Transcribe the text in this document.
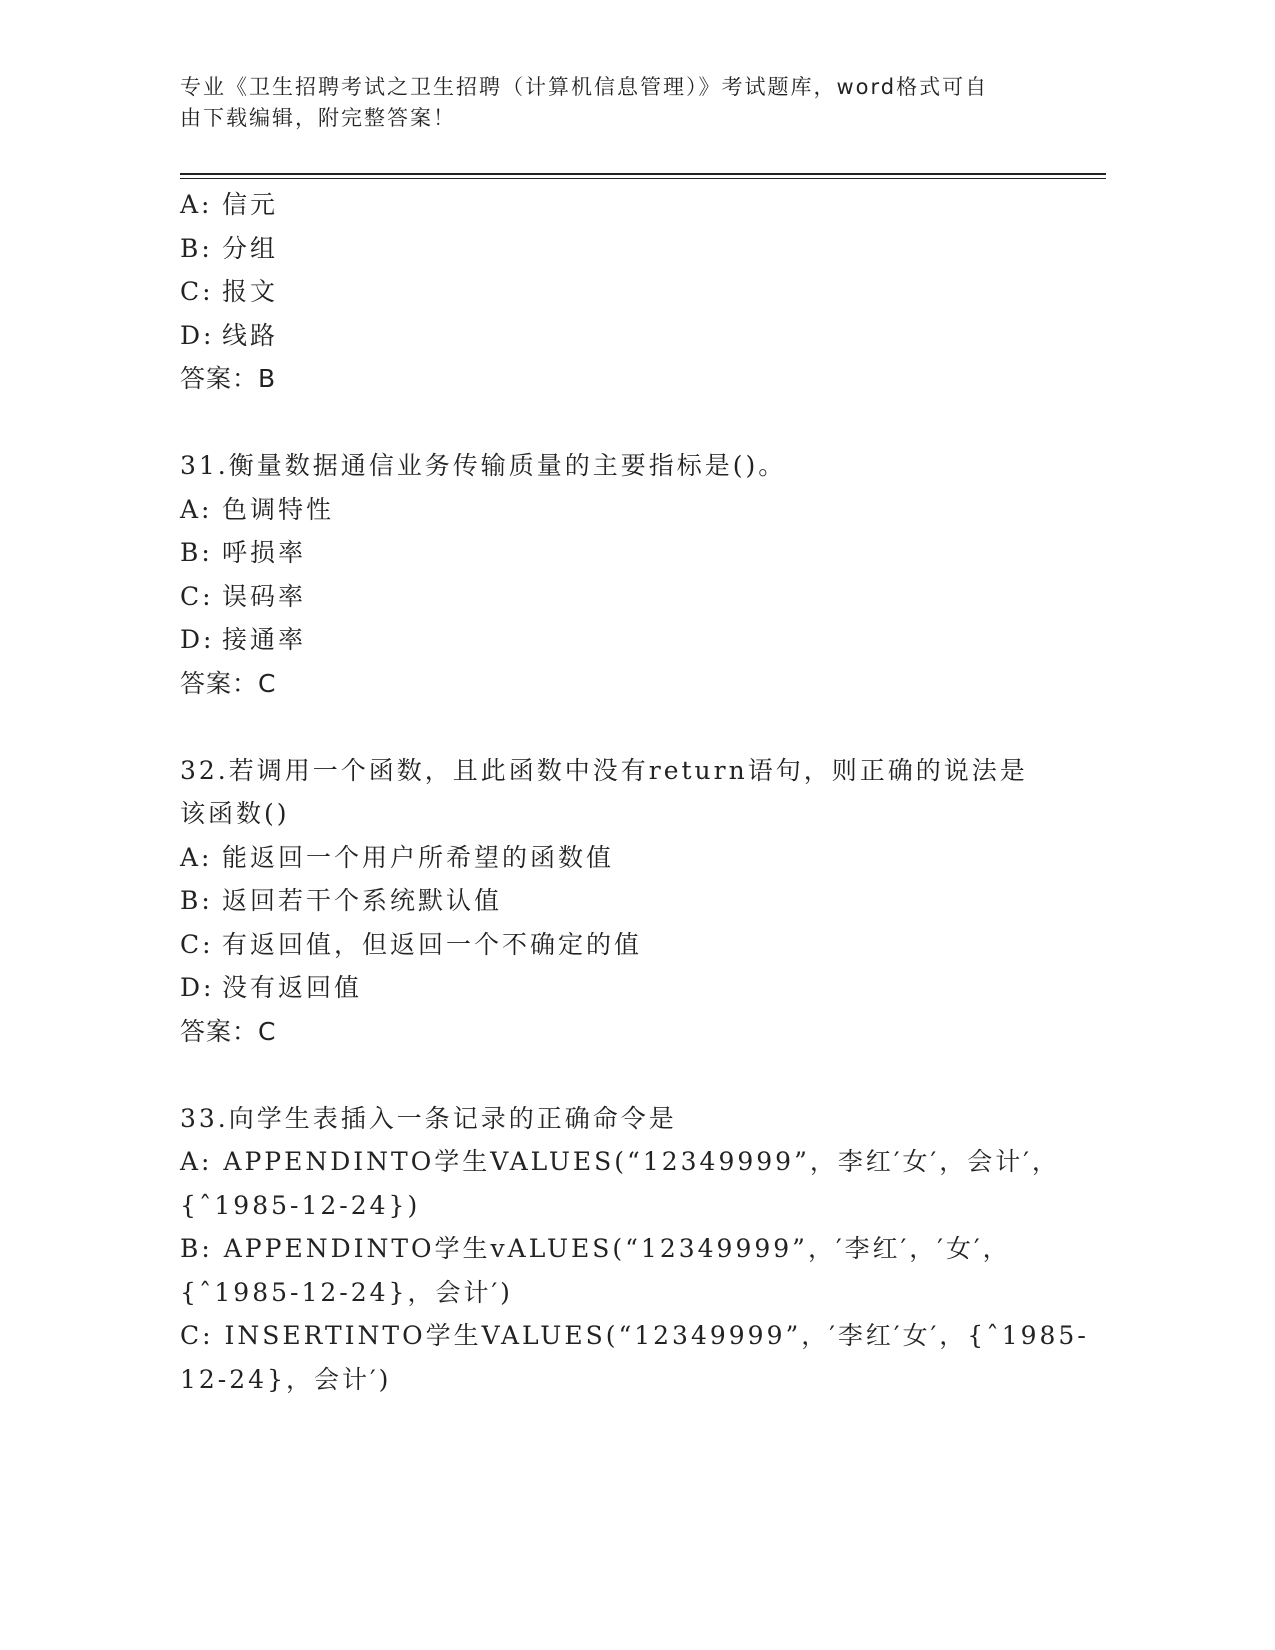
专业《卫生招聘考试之卫生招聘（计算机信息管理）》考试题库，word格式可自
由下载编辑，附完整答案！
A: 信元
B: 分组
C: 报文
D: 线路
答案：B
31.衡量数据通信业务传输质量的主要指标是()。
A: 色调特性
B: 呼损率
C: 误码率
D: 接通率
答案：C
32.若调用一个函数，且此函数中没有return语句，则正确的说法是
该函数()
A: 能返回一个用户所希望的函数值
B: 返回若干个系统默认值
C: 有返回值，但返回一个不确定的值
D: 没有返回值
答案：C
33.向学生表插入一条记录的正确命令是
A: APPENDINTO学生VALUES(“12349999”，李红′女′，会计′，
{ˆ1985-12-24})
B: APPENDINTO学生vALUES(“12349999”，′李红′，′女′，
{ˆ1985-12-24}，会计′)
C: INSERTINTO学生VALUES(“12349999”，′李红′女′，{ˆ1985-
12-24}，会计′)
